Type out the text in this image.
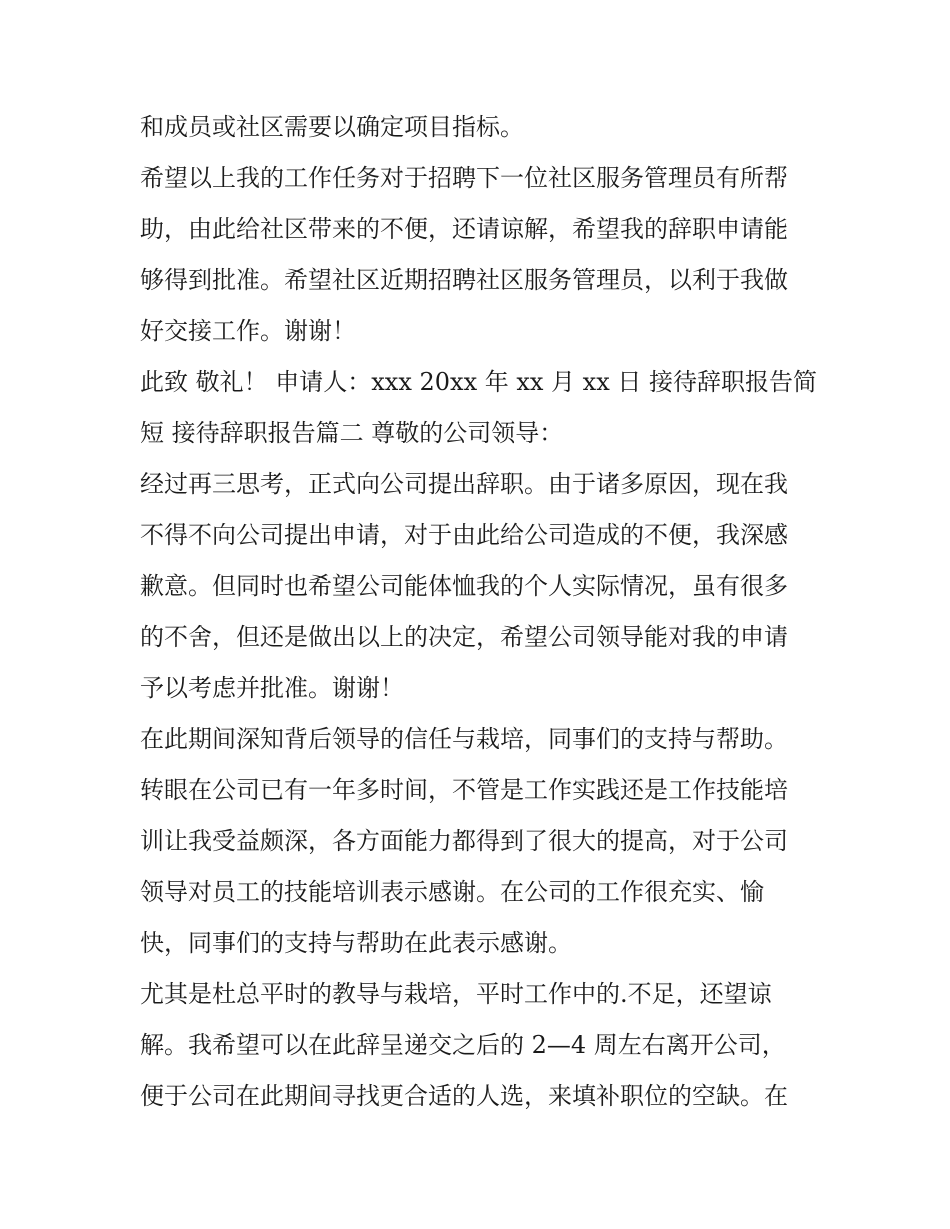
和成员或社区需要以确定项目指标。
希望以上我的工作任务对于招聘下一位社区服务管理员有所帮
助，由此给社区带来的不便，还请谅解，希望我的辞职申请能
够得到批准。希望社区近期招聘社区服务管理员，以利于我做
好交接工作。谢谢！
此致 敬礼！ 申请人：xxx 20xx 年 xx 月 xx 日 接待辞职报告简
短 接待辞职报告篇二 尊敬的公司领导：
经过再三思考，正式向公司提出辞职。由于诸多原因，现在我
不得不向公司提出申请，对于由此给公司造成的不便，我深感
歉意。但同时也希望公司能体恤我的个人实际情况，虽有很多
的不舍，但还是做出以上的决定，希望公司领导能对我的申请
予以考虑并批准。谢谢！
在此期间深知背后领导的信任与栽培，同事们的支持与帮助。
转眼在公司已有一年多时间，不管是工作实践还是工作技能培
训让我受益颇深，各方面能力都得到了很大的提高，对于公司
领导对员工的技能培训表示感谢。在公司的工作很充实、愉
快，同事们的支持与帮助在此表示感谢。
尤其是杜总平时的教导与栽培，平时工作中的.不足，还望谅
解。我希望可以在此辞呈递交之后的 2—4 周左右离开公司，
便于公司在此期间寻找更合适的人选，来填补职位的空缺。在
